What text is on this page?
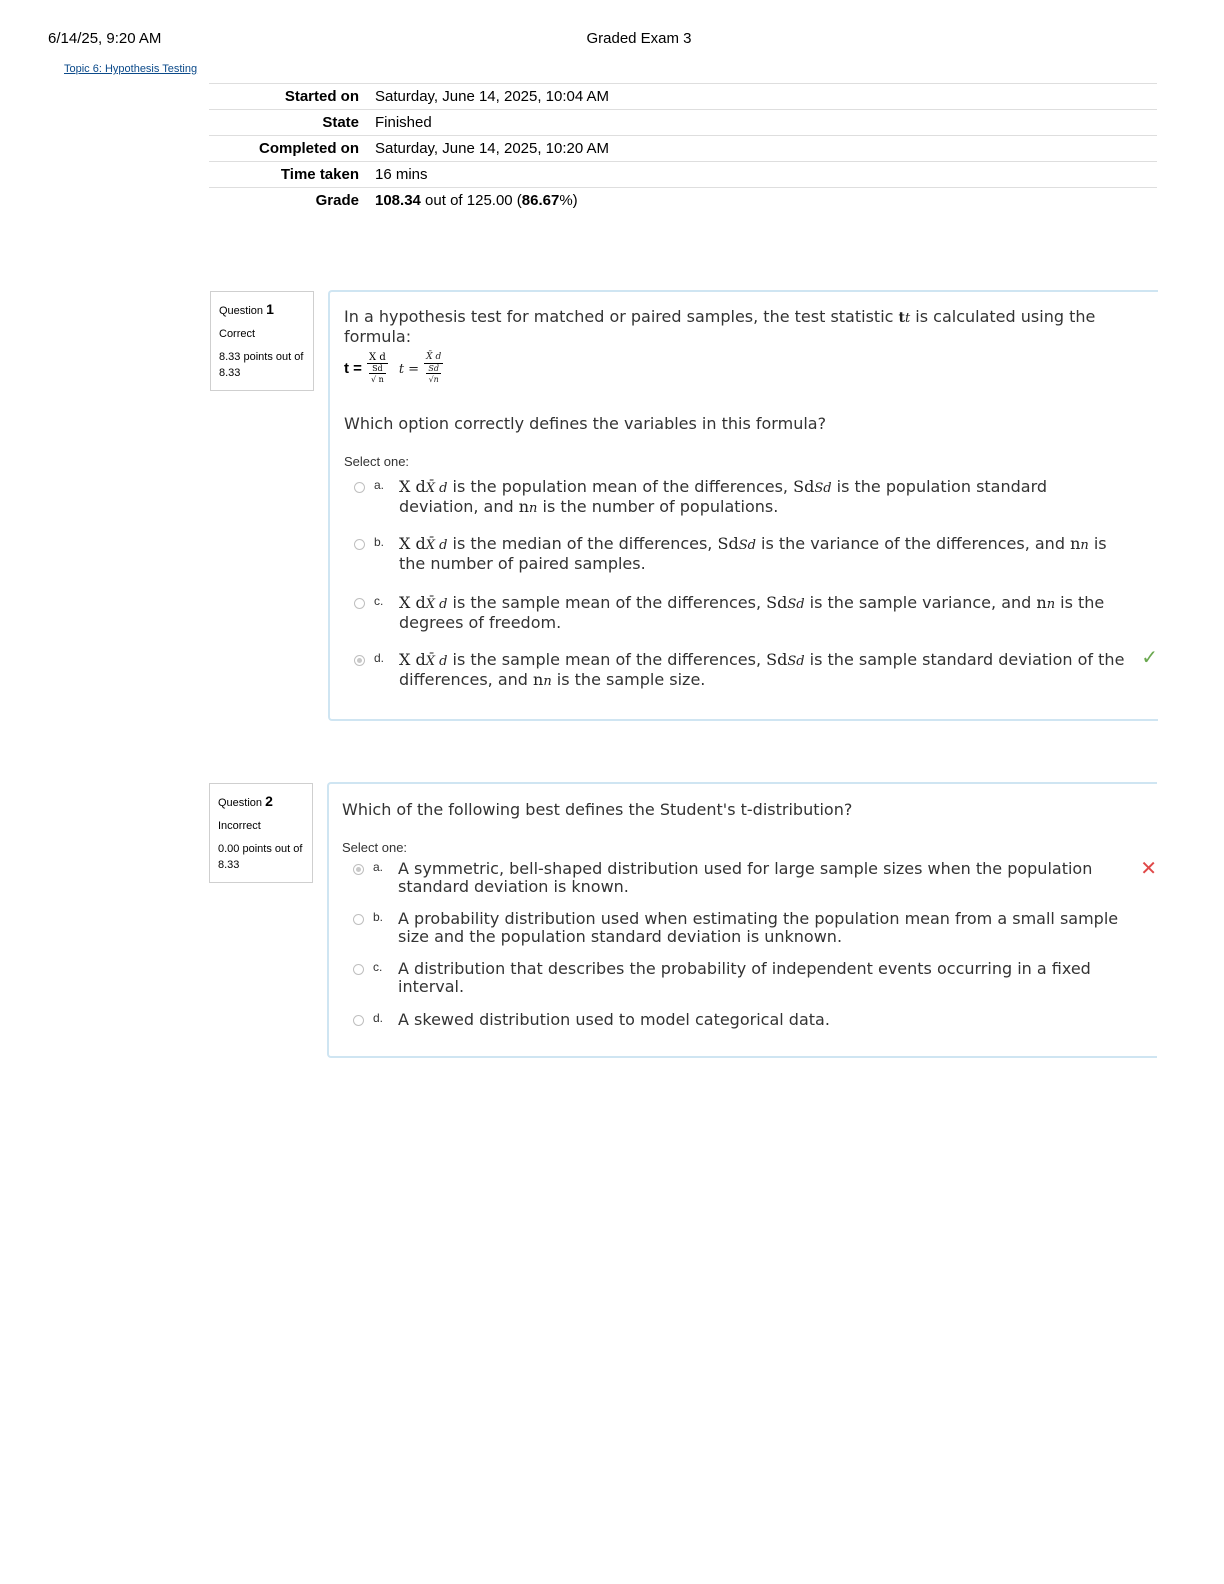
6/14/25, 9:20 AM	Graded Exam 3
Topic 6: Hypothesis Testing
Started on	Saturday, June 14, 2025, 10:04 AM
State	Finished
Completed on	Saturday, June 14, 2025, 10:20 AM
Time taken	16 mins
Grade	108.34 out of 125.00 (86.67%)
Question 1
Correct
8.33 points out of 8.33
In a hypothesis test for matched or paired samples, the test statistic tt is calculated using the formula:
t = X d
Sd
√ n t = X̄ d
Sd
√n
Which option correctly defines the variables in this formula?
Select one:
a. X dX̄ d is the population mean of the differences, SdSd is the population standard deviation, and nn is the number of populations.
b. X dX̄ d is the median of the differences, SdSd is the variance of the differences, and nn is the number of paired samples.
c. X dX̄ d is the sample mean of the differences, SdSd is the sample variance, and nn is the degrees of freedom.
d. X dX̄ d is the sample mean of the differences, SdSd is the sample standard deviation of the differences, and nn is the sample size.
✓
Question 2
Incorrect
0.00 points out of 8.33
Which of the following best defines the Student's t-distribution?
Select one:
a. A symmetric, bell-shaped distribution used for large sample sizes when the population standard deviation is known.
✕
b. A probability distribution used when estimating the population mean from a small sample size and the population standard deviation is unknown.
c. A distribution that describes the probability of independent events occurring in a fixed interval.
d. A skewed distribution used to model categorical data.
